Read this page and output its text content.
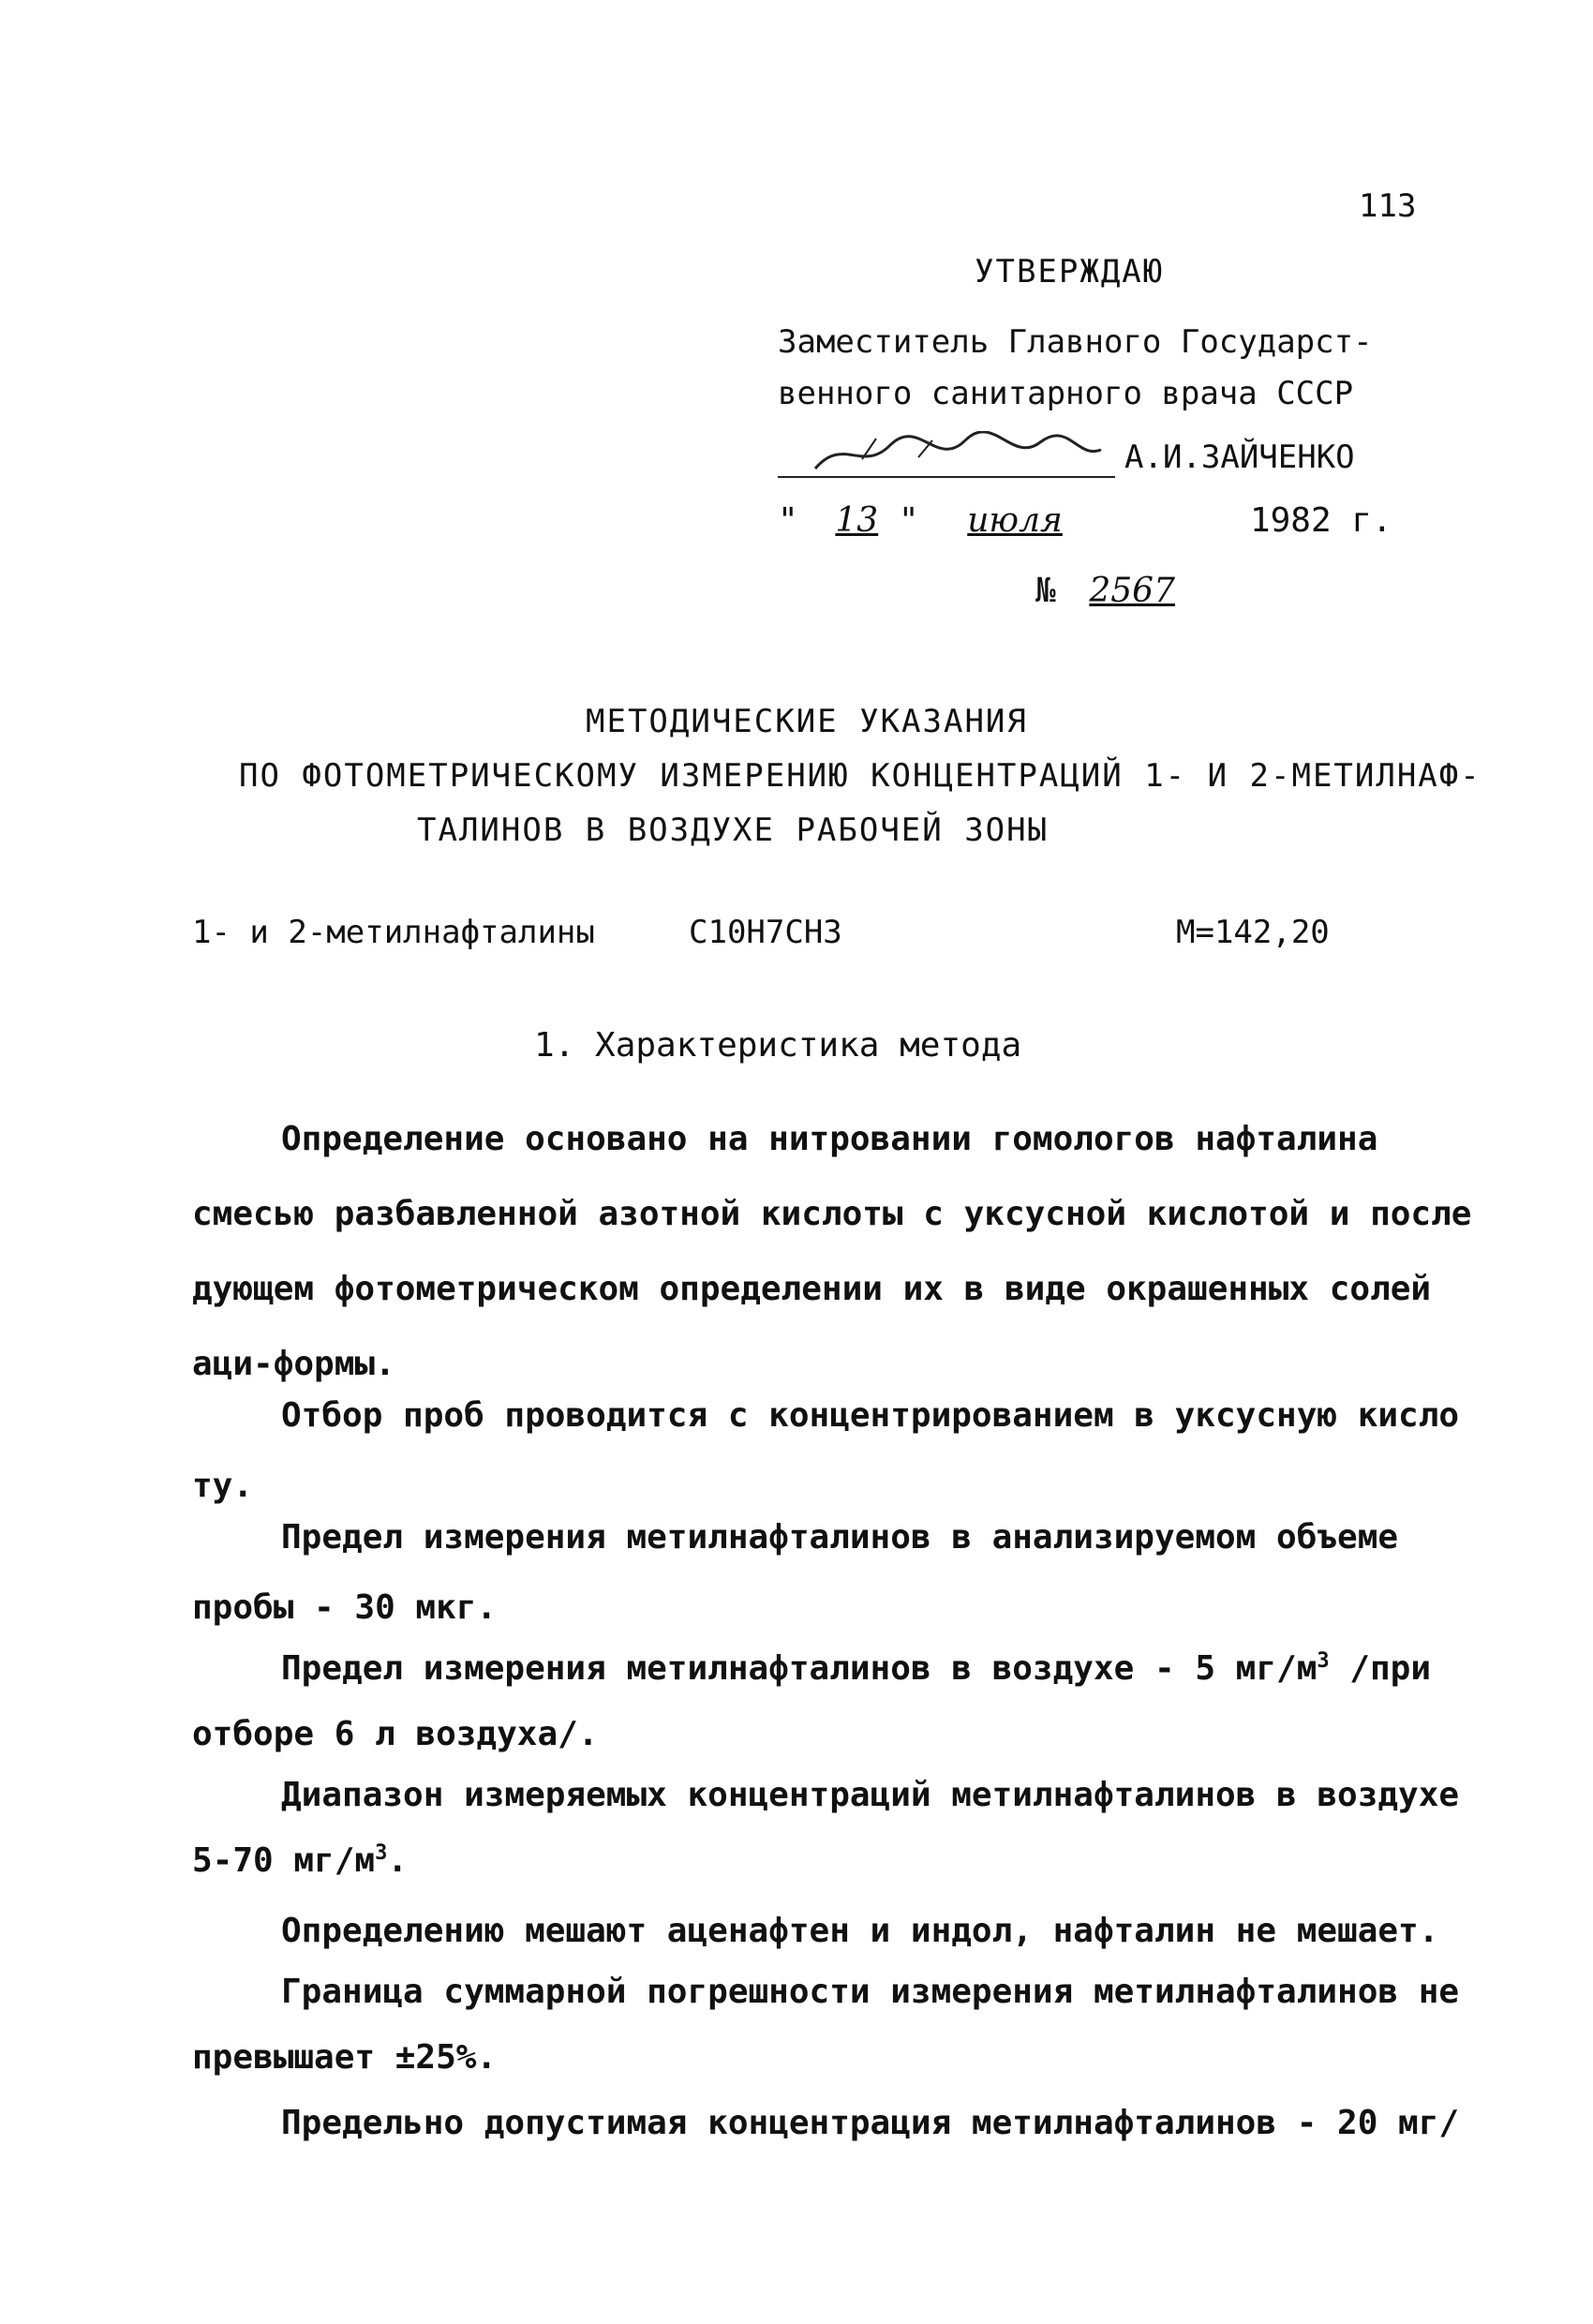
113
УТВЕРЖДАЮ
Заместитель Главного Государст-
венного санитарного врача СССР
А.И.ЗАЙЧЕНКО
" 13 " июля	1982 г.
№ 2567
МЕТОДИЧЕСКИЕ УКАЗАНИЯ
ПО ФОТОМЕТРИЧЕСКОМУ ИЗМЕРЕНИЮ КОНЦЕНТРАЦИЙ 1- И 2-МЕТИЛНАФ-
ТАЛИНОВ В ВОЗДУХЕ РАБОЧЕЙ ЗОНЫ
1- и 2-метилнафталины	C10H7CH3	М=142,20
1. Характеристика метода
Определение основано на нитровании гомологов нафталина
смесью разбавленной азотной кислоты с уксусной кислотой и после
дующем фотометрическом определении их в виде окрашенных солей
аци-формы.
Отбор проб проводится с концентрированием в уксусную кисло
ту.
Предел измерения метилнафталинов в анализируемом объеме
пробы - 30 мкг.
Предел измерения метилнафталинов в воздухе - 5 $мг/м^3$ /при
отборе 6 л воздуха/.
Диапазон измеряемых концентраций метилнафталинов в воздухе
5-70 $мг/м^3$.
Определению мешают аценафтен и индол, нафталин не мешает.
Граница суммарной погрешности измерения метилнафталинов не
превышает ±25%.
Предельно допустимая концентрация метилнафталинов - 20 мг/
